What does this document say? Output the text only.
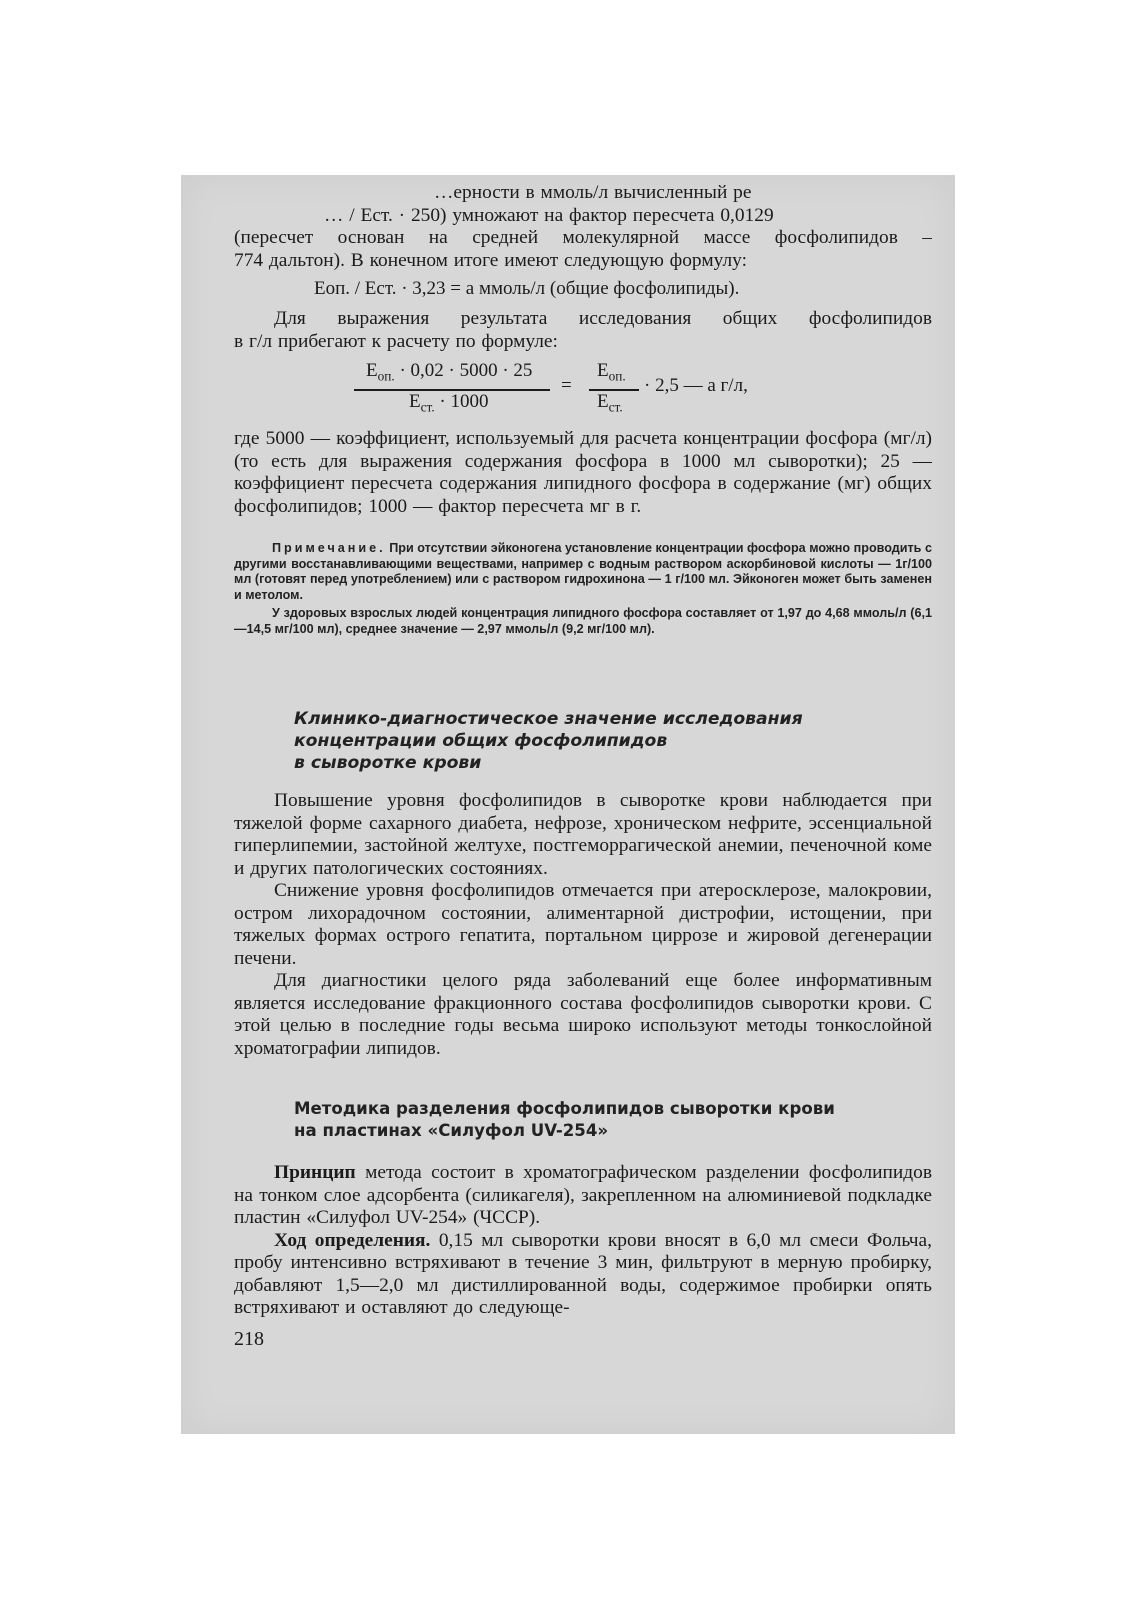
…ерности в ммоль/л вычисленный ре

… / Eст. · 250) умножают на фактор пересчета 0,0129

(пересчет основан на средней молекулярной массе фосфолипидов –

774 дальтон). В конечном итоге имеют следующую формулу:

Eоп. / Eст. · 3,23 = a ммоль/л (общие фосфолипиды).

Для выражения результата исследования общих фосфолипидов

в г/л прибегают к расчету по формуле:

$E_{оп.} \cdot 0,02 \cdot 5000 \cdot 25$
$E_{ст.} \cdot 1000$
=
$E_{оп.}$
$E_{ст.}$
· 2,5 — a г/л,

где 5000 — коэффициент, используемый для расчета концентрации фосфора (мг/л) (то есть для выражения содержания фосфора в 1000 мл сыворотки); 25 — коэффициент пересчета содержания липидного фосфора в содержание (мг) общих фосфолипидов; 1000 — фактор пересчета мг в г.

Примечание. При отсутствии эйконогена установление концентрации фосфора можно проводить с другими восстанавливающими веществами, например с водным раствором аскорбиновой кислоты — 1г/100 мл (готовят перед употреблением) или с раствором гидрохинона — 1 г/100 мл. Эйконоген может быть заменен и метолом.

У здоровых взрослых людей концентрация липидного фосфора составляет от 1,97 до 4,68 ммоль/л (6,1—14,5 мг/100 мл), среднее значение — 2,97 ммоль/л (9,2 мг/100 мл).

Клинико-диагностическое значение исследования
концентрации общих фосфолипидов
в сыворотке крови

Повышение уровня фосфолипидов в сыворотке крови наблюдается при тяжелой форме сахарного диабета, нефрозе, хроническом нефрите, эссенциальной гиперлипемии, застойной желтухе, постгеморрагической анемии, печеночной коме и других патологических состояниях.

Снижение уровня фосфолипидов отмечается при атеросклерозе, малокровии, остром лихорадочном состоянии, алиментарной дистрофии, истощении, при тяжелых формах острого гепатита, портальном циррозе и жировой дегенерации печени.

Для диагностики целого ряда заболеваний еще более информативным является исследование фракционного состава фосфолипидов сыворотки крови. С этой целью в последние годы весьма широко используют методы тонкослойной хроматографии липидов.

Методика разделения фосфолипидов сыворотки крови
на пластинах «Силуфол UV-254»

Принцип метода состоит в хроматографическом разделении фосфолипидов на тонком слое адсорбента (силикагеля), закрепленном на алюминиевой подкладке пластин «Силуфол UV-254» (ЧССР).

Ход определения. 0,15 мл сыворотки крови вносят в 6,0 мл смеси Фольча, пробу интенсивно встряхивают в течение 3 мин, фильтруют в мерную пробирку, добавляют 1,5—2,0 мл дистиллированной воды, содержимое пробирки опять встряхивают и оставляют до следующе-

218
